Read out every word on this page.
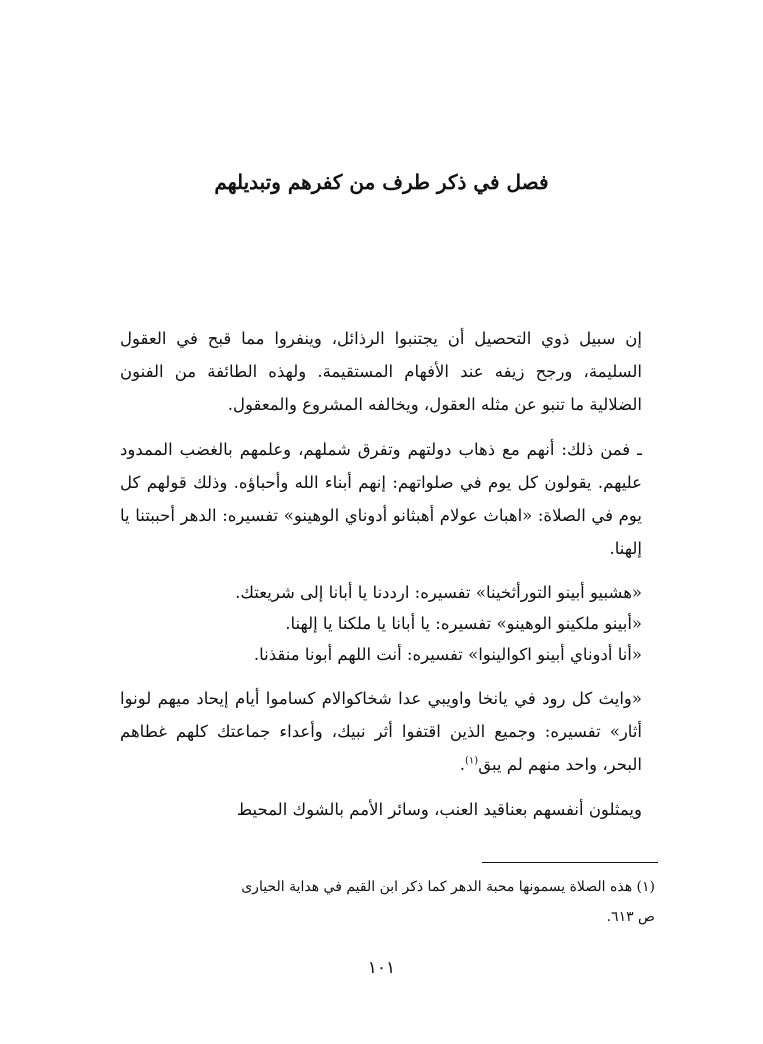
فصل في ذكر طرف من كفرهم وتبديلهم

إن سبيل ذوي التحصيل أن يجتنبوا الرذائل، وينفروا مما قبح في العقول السليمة، ورجح زيفه عند الأفهام المستقيمة. ولهذه الطائفة من الفنون الضلالية ما تنبو عن مثله العقول، ويخالفه المشروع والمعقول.

ـ فمن ذلك: أنهم مع ذهاب دولتهم وتفرق شملهم، وعلمهم بالغضب الممدود عليهم. يقولون كل يوم في صلواتهم: إنهم أبناء الله وأحباؤه. وذلك قولهم كل يوم في الصلاة: «اهباث عولام أهبثانو أدوناي الوهينو» تفسيره: الدهر أحببتنا يا إلهنا.

«هشبيو أبينو التورأثخينا» تفسيره: ارددنا يا أبانا إلى شريعتك.

«أبينو ملكينو الوهينو» تفسيره: يا أبانا يا ملكنا يا إلهنا.

«أنا أدوناي أبينو اكوالينوا» تفسيره: أنت اللهم أبونا منقذنا.

«وايث كل رود في يانخا واويبي عدا شخاكوالام كساموا أيام إيحاد ميهم لونوا أثار» تفسيره: وجميع الذين اقتفوا أثر نبيك، وأعداء جماعتك كلهم غطاهم البحر، واحد منهم لم يبق$^{(١)}$.

ويمثلون أنفسهم بعناقيد العنب، وسائر الأمم بالشوك المحيط

(١) هذه الصلاة يسمونها محبة الدهر كما ذكر ابن القيم في هداية الحيارى
ص ٦١٣.
١٠١
